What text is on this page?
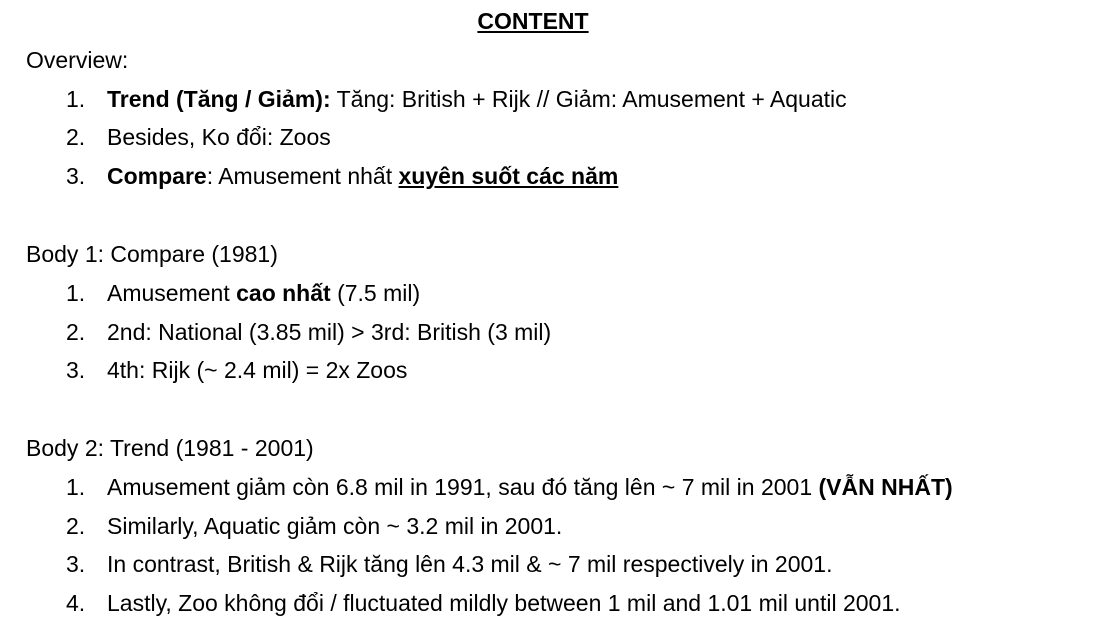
CONTENT
Overview:
1. Trend (Tăng / Giảm): Tăng: British + Rijk // Giảm: Amusement + Aquatic
2. Besides, Ko đổi: Zoos
3. Compare: Amusement nhất xuyên suốt các năm
Body 1: Compare (1981)
1. Amusement cao nhất (7.5 mil)
2. 2nd: National (3.85 mil) > 3rd: British (3 mil)
3. 4th: Rijk (~ 2.4 mil) = 2x Zoos
Body 2: Trend (1981 - 2001)
1. Amusement giảm còn 6.8 mil in 1991, sau đó tăng lên ~ 7 mil in 2001 (VẪN NHẤT)
2. Similarly, Aquatic giảm còn ~ 3.2 mil in 2001.
3. In contrast, British & Rijk tăng lên 4.3 mil & ~ 7 mil respectively in 2001.
4. Lastly, Zoo không đổi / fluctuated mildly between 1 mil and 1.01 mil until 2001.
